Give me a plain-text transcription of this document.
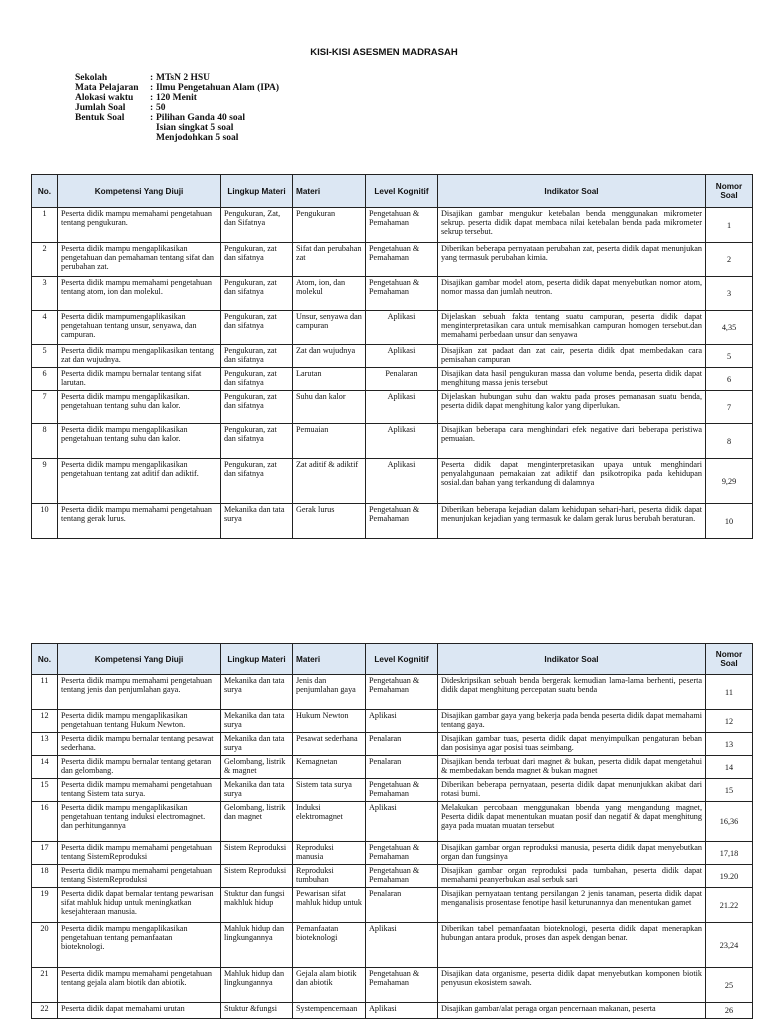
KISI-KISI ASESMEN MADRASAH
Sekolah	: MTsN 2 HSU
Mata Pelajaran	: Ilmu Pengetahuan Alam (IPA)
Alokasi waktu	: 120 Menit
Jumlah Soal	: 50
Bentuk Soal	: Pilihan Ganda 40 soal
Isian singkat 5 soal
Menjodohkan 5 soal
No.	Kompetensi Yang Diuji	Lingkup Materi	Materi	Level Kognitif	Indikator Soal	Nomor Soal
1	Peserta didik mampu memahami pengetahuan tentang pengukuran.	Pengukuran, Zat, dan Sifatnya	Pengukuran	Pengetahuan & Pemahaman	Disajikan gambar mengukur ketebalan benda menggunakan mikrometer sekrup. peserta didik dapat membaca nilai ketebalan benda pada mikrometer sekrup tersebut.	1
2	Peserta didik mampu mengaplikasikan pengetahuan dan pemahaman tentang sifat dan perubahan zat.	Pengukuran, zat dan sifatnya	Sifat dan perubahan zat	Pengetahuan & Pemahaman	Diberikan beberapa pernyataan perubahan zat, peserta didik dapat menunjukan yang termasuk perubahan kimia.	2
3	Peserta didik mampu memahami pengetahuan tentang atom, ion dan molekul.	Pengukuran, zat dan sifatnya	Atom, ion, dan molekul	Pengetahuan & Pemahaman	Disajikan gambar model atom, peserta didik dapat menyebutkan nomor atom, nomor massa dan jumlah neutron.	3
4	Peserta didik mampumengaplikasikan pengetahuan tentang unsur, senyawa, dan campuran.	Pengukuran, zat dan sifatnya	Unsur, senyawa dan campuran	Aplikasi	Dijelaskan sebuah fakta tentang suatu campuran, peserta didik dapat menginterpretasikan cara untuk memisahkan campuran homogen tersebut.dan memahami perbedaan unsur dan senyawa	4,35
5	Peserta didik mampu mengaplikasikan tentang zat dan wujudnya.	Pengukuran, zat dan sifatnya	Zat dan wujudnya	Aplikasi	Disajikan zat padaat dan zat cair, peserta didik dpat membedakan cara pemisahan campuran	5
6	Peserta didik mampu bernalar tentang sifat larutan.	Pengukuran, zat dan sifatnya	Larutan	Penalaran	Disajikan data hasil pengukuran massa dan volume benda, peserta didik dapat menghitung massa jenis tersebut	6
7	Peserta didik mampu mengaplikasikan. pengetahuan tentang suhu dan kalor.	Pengukuran, zat dan sifatnya	Suhu dan kalor	Aplikasi	Dijelaskan hubungan suhu dan waktu pada proses pemanasan suatu benda, peserta didik dapat menghitung kalor yang diperlukan.	7
8	Peserta didik mampu mengaplikasikan pengetahuan tentang suhu dan kalor.	Pengukuran, zat dan sifatnya	Pemuaian	Aplikasi	Disajikan beberapa cara menghindari efek negative dari beberapa peristiwa pemuaian.	8
9	Peserta didik mampu mengaplikasikan pengetahuan tentang zat aditif dan adiktif.	Pengukuran, zat dan sifatnya	Zat aditif & adiktif	Aplikasi	Peserta didik dapat menginterpretasikan upaya untuk menghindari penyalahgunaan pemakaian zat adiktif dan psikotropika pada kehidupan sosial.dan bahan yang terkandung di dalamnya	9,29
10	Peserta didik mampu memahami pengetahuan tentang gerak lurus.	Mekanika dan tata surya	Gerak lurus	Pengetahuan & Pemahaman	Diberikan beberapa kejadian dalam kehidupan sehari-hari, peserta didik dapat menunjukan kejadian yang termasuk ke dalam gerak lurus berubah beraturan.	10
No.	Kompetensi Yang Diuji	Lingkup Materi	Materi	Level Kognitif	Indikator Soal	Nomor Soal
11	Peserta didik mampu memahami pengetahuan tentang jenis dan penjumlahan gaya.	Mekanika dan tata surya	Jenis dan penjumlahan gaya	Pengetahuan & Pemahaman	Dideskripsikan sebuah benda bergerak kemudian lama-lama berhenti, peserta didik dapat menghitung percepatan suatu benda	11
12	Peserta didik mampu mengaplikasikan pengetahuan tentang Hukum Newton.	Mekanika dan tata surya	Hukum Newton	Aplikasi	Disajikan gambar gaya yang bekerja pada benda peserta didik dapat memahami tentang gaya.	12
13	Peserta didik mampu bernalar tentang pesawat sederhana.	Mekanika dan tata surya	Pesawat sederhana	Penalaran	Disajikan gambar tuas, peserta didik dapat menyimpulkan pengaturan beban dan posisinya agar posisi tuas seimbang.	13
14	Peserta didik mampu bernalar tentang getaran dan gelombang.	Gelombang, listrik & magnet	Kemagnetan	Penalaran	Disajikan benda terbuat dari magnet & bukan, peserta didik dapat mengetahui & membedakan benda magnet & bukan magnet	14
15	Peserta didik mampu memahami pengetahuan tentang Sistem tata surya.	Mekanika dan tata surya	Sistem tata surya	Pengetahuan & Pemahaman	Diberikan beberapa pernyataan, peserta didik dapat menunjukkan akibat dari rotasi bumi.	15
16	Peserta didik mampu mengaplikasikan pengetahuan tentang induksi electromagnet. dan perhitungannya	Gelombang, listrik dan magnet	Induksi elektromagnet	Aplikasi	Melakukan percobaan menggunakan bbenda yang mengandung magnet, Peserta didik dapat menentukan muatan posif dan negatif & dapat menghitung gaya pada muatan muatan tersebut	16,36
17	Peserta didik mampu memahami pengetahuan tentang SistemReproduksi	Sistem Reproduksi	Reproduksi manusia	Pengetahuan & Pemahaman	Disajikan gambar organ reproduksi manusia, peserta didik dapat menyebutkan organ dan fungsinya	17,18
18	Peserta didik mampu memahami pengetahuan tentang SistemReproduksi	Sistem Reproduksi	Reproduksi tumbuhan	Pengetahuan & Pemahaman	Disajikan gambar organ reproduksi pada tumbahan, peserta didik dapat memahami peanyerbukan asal serbuk sari	19.20
19	Peserta didik dapat bernalar tentang pewarisan sifat mahluk hidup untuk meningkatkan kesejahteraan manusia.	Stuktur dan fungsi makhluk hidup	Pewarisan sifat mahluk hidup untuk	Penalaran	Disajikan pernyataan tentang persilangan 2 jenis tanaman, peserta didik dapat menganalisis prosentase fenotipe hasil keturunannya dan menentukan gamet	21.22
20	Peserta didik mampu mengaplikasikan pengetahuan tentang pemanfaatan bioteknologi.	Mahluk hidup dan lingkungannya	Pemanfaatan bioteknologi	Aplikasi	Diberikan tabel pemanfaatan bioteknologi, peserta didik dapat menerapkan hubungan antara produk, proses dan aspek dengan benar.	23,24
21	Peserta didik mampu memahami pengetahuan tentang gejala alam biotik dan abiotik.	Mahluk hidup dan lingkungannya	Gejala alam biotik dan abiotik	Pengetahuan & Pemahaman	Disajikan data organisme, peserta didik dapat menyebutkan komponen biotik penyusun ekosistem sawah.	25
22	Peserta didik dapat memahami urutan	Stuktur &fungsi	Systempencernaan	Aplikasi	Disajikan gambar/alat peraga organ pencernaan makanan, peserta	26
